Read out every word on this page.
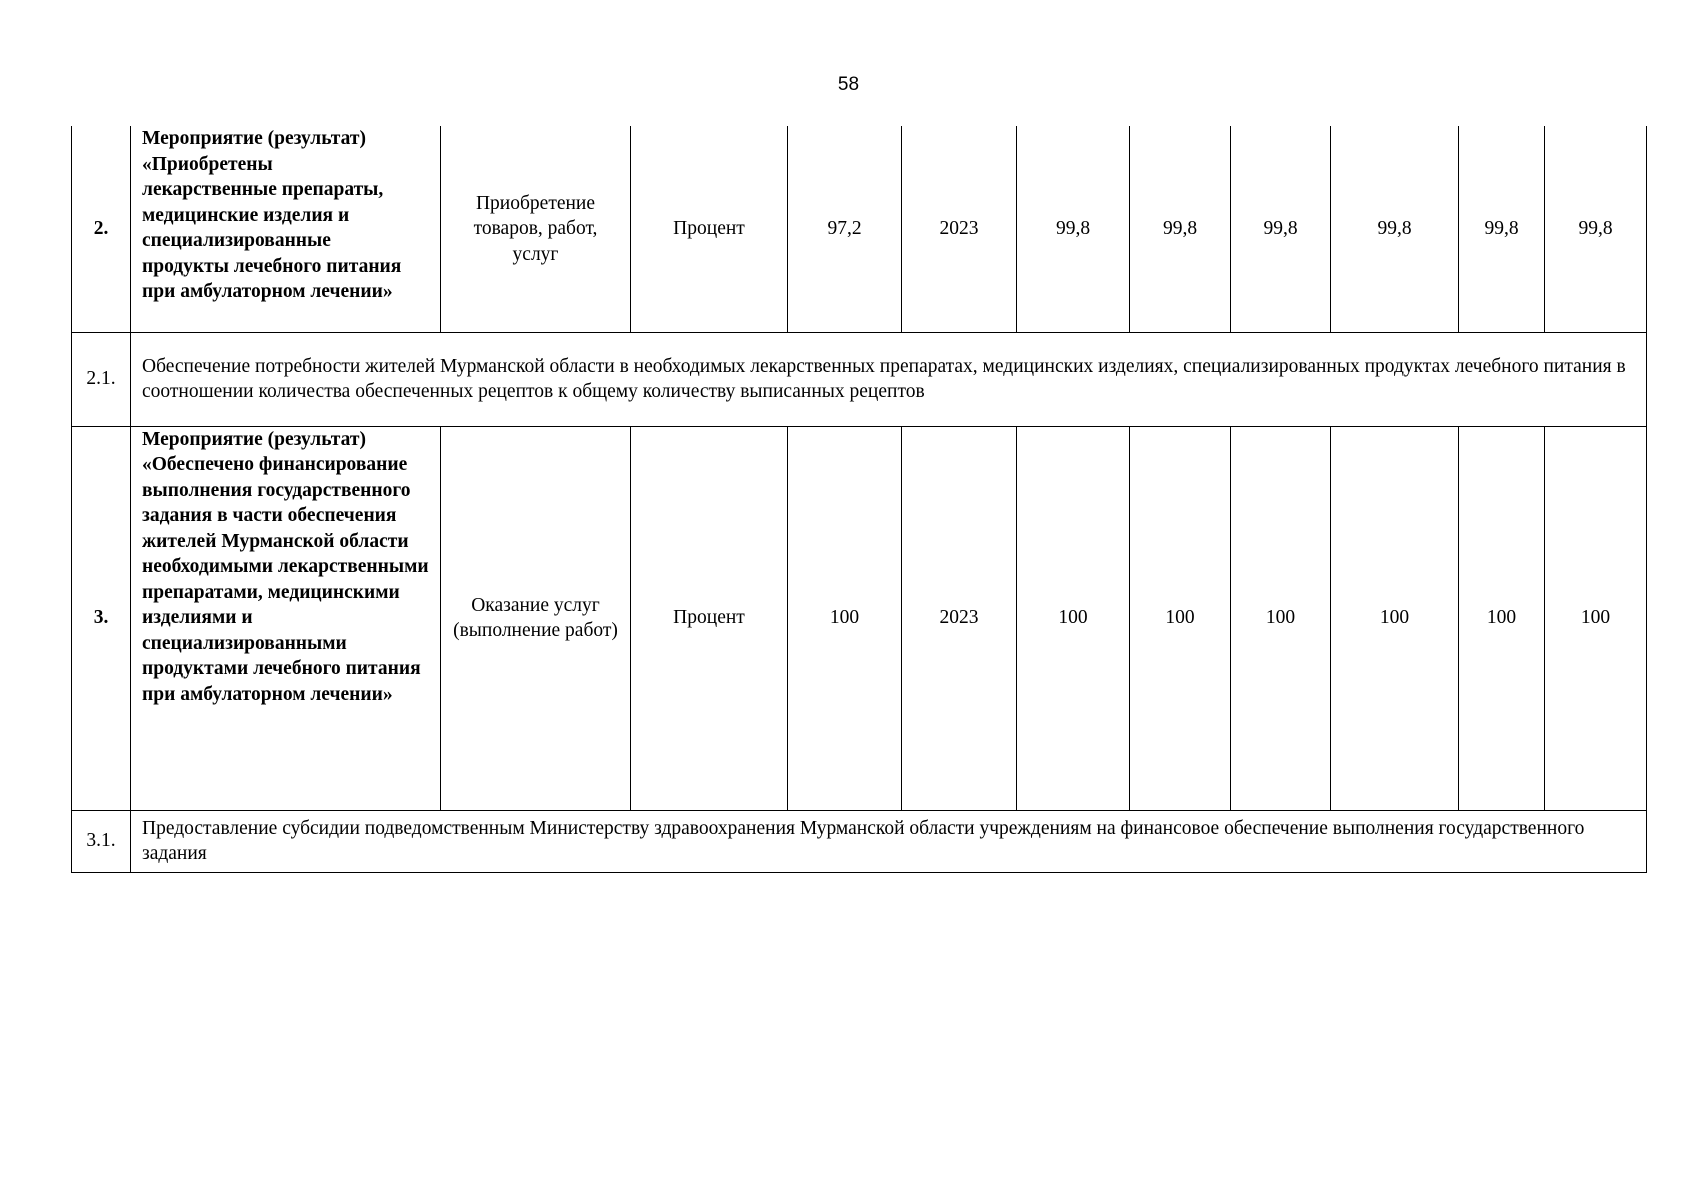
58
2.	Мероприятие (результат) «Приобретены лекарственные препараты, медицинские изделия и специализированные продукты лечебного питания при амбулаторном лечении»	Приобретение товаров, работ, услуг	Процент	97,2	2023	99,8	99,8	99,8	99,8	99,8	99,8
2.1.	Обеспечение потребности жителей Мурманской области в необходимых лекарственных препаратах, медицинских изделиях, специализированных продуктах лечебного питания в соотношении количества обеспеченных рецептов к общему количеству выписанных рецептов										
3.	Мероприятие (результат) «Обеспечено финансирование выполнения государственного задания в части обеспечения жителей Мурманской области необходимыми лекарственными препаратами, медицинскими изделиями и специализированными продуктами лечебного питания при амбулаторном лечении»	Оказание услуг (выполнение работ)	Процент	100	2023	100	100	100	100	100	100
3.1.	Предоставление субсидии подведомственным Министерству здравоохранения Мурманской области учреждениям на финансовое обеспечение выполнения государственного задания										
